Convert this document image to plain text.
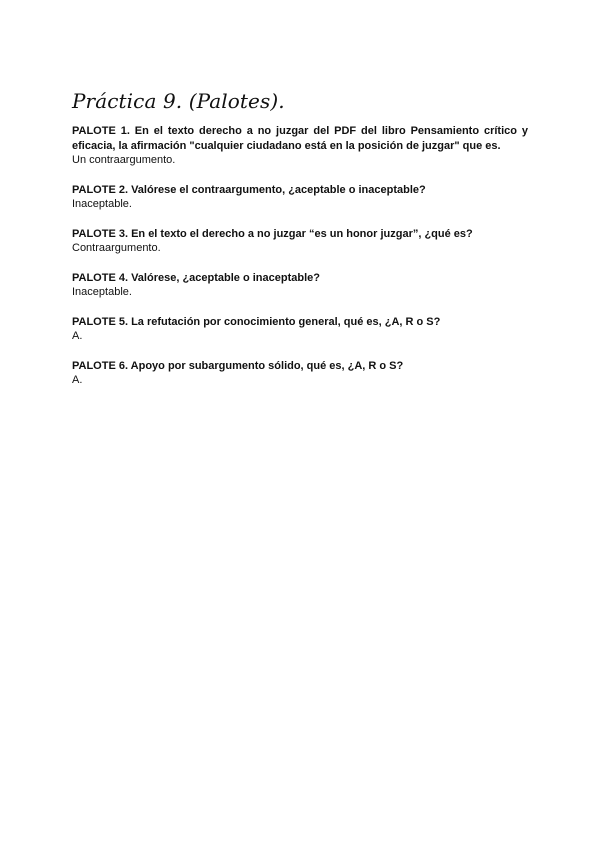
Práctica 9. (Palotes).

PALOTE 1. En el texto derecho a no juzgar del PDF del libro Pensamiento crítico y eficacia, la afirmación "cualquier ciudadano está en la posición de juzgar" que es.

Un contraargumento.

PALOTE 2. Valórese el contraargumento, ¿aceptable o inaceptable?

Inaceptable.

PALOTE 3. En el texto el derecho a no juzgar “es un honor juzgar”, ¿qué es?

Contraargumento.

PALOTE 4. Valórese, ¿aceptable o inaceptable?

Inaceptable.

PALOTE 5. La refutación por conocimiento general, qué es, ¿A, R o S?

A.

PALOTE 6. Apoyo por subargumento sólido, qué es, ¿A, R o S?

A.
